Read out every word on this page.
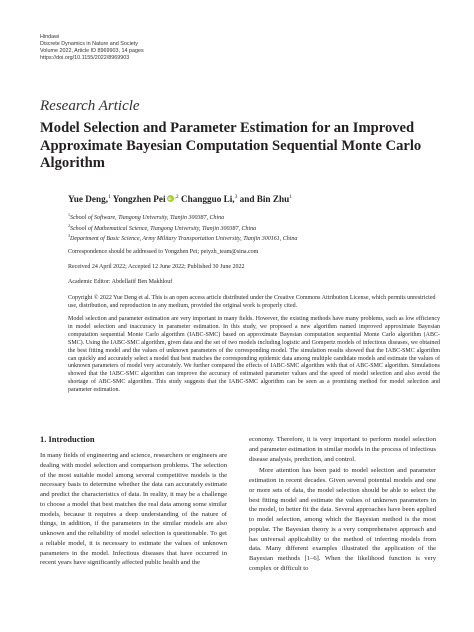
Hindawi
Discrete Dynamics in Nature and Society
Volume 2022, Article ID 8969903, 14 pages
https://doi.org/10.1155/2022/8969903
Research Article
Model Selection and Parameter Estimation for an Improved Approximate Bayesian Computation Sequential Monte Carlo Algorithm
Yue Deng,$^1$ Yongzhen PeiiD $^{,2}$ Changguo Li,$^3$ and Bin Zhu$^1$
$^1$School of Software, Tiangong University, Tianjin 300387, China
$^2$School of Mathematical Science, Tiangong University, Tianjin 300387, China
$^3$Department of Basic Science, Army Military Transportation University, Tianjin 300161, China
Correspondence should be addressed to Yongzhen Pei; peiyzh_team@sina.com
Received 24 April 2022; Accepted 12 June 2022; Published 30 June 2022
Academic Editor: Abdellatif Ben Makhlouf
Copyright © 2022 Yue Deng et al. This is an open access article distributed under the Creative Commons Attribution License, which permits unrestricted use, distribution, and reproduction in any medium, provided the original work is properly cited.
Model selection and parameter estimation are very important in many fields. However, the existing methods have many problems, such as low efficiency in model selection and inaccuracy in parameter estimation. In this study, we proposed a new algorithm named improved approximate Bayesian computation sequential Monte Carlo algorithm (IABC-SMC) based on approximate Bayesian computation sequential Monte Carlo algorithm (ABC-SMC). Using the IABC-SMC algorithm, given data and the set of two models including logistic and Gompertz models of infectious diseases, we obtained the best fitting model and the values of unknown parameters of the corresponding model. The simulation results showed that the IABC-SMC algorithm can quickly and accurately select a model that best matches the corresponding epidemic data among multiple candidate models and estimate the values of unknown parameters of model very accurately. We further compared the effects of IABC-SMC algorithm with that of ABC-SMC algorithm. Simulations showed that the IABC-SMC algorithm can improve the accuracy of estimated parameter values and the speed of model selection and also avoid the shortage of ABC-SMC algorithm. This study suggests that the IABC-SMC algorithm can be seen as a promising method for model selection and parameter estimation.
1. Introduction

In many fields of engineering and science, researchers or engineers are dealing with model selection and comparison problems. The selection of the most suitable model among several competitive models is the necessary basis to determine whether the data can accurately estimate and predict the characteristics of data. In reality, it may be a challenge to choose a model that best matches the real data among some similar models, because it requires a deep understanding of the nature of things, in addition, if the parameters in the similar models are also unknown and the reliability of model selection is questionable. To get a reliable model, it is necessary to estimate the values of unknown parameters in the model. Infectious diseases that have occurred in recent years have significantly affected public health and the

economy. Therefore, it is very important to perform model selection and parameter estimation in similar models in the process of infectious disease analysis, prediction, and control.

More attention has been paid to model selection and parameter estimation in recent decades. Given several potential models and one or more sets of data, the model selection should be able to select the best fitting model and estimate the values of unknown parameters in the model, to better fit the data. Several approaches have been applied to model selection, among which the Bayesian method is the most popular. The Bayesian theory is a very comprehensive approach and has universal applicability to the method of inferring models from data. Many different examples illustrated the application of the Bayesian methods [1–6]. When the likelihood function is very complex or difficult to
